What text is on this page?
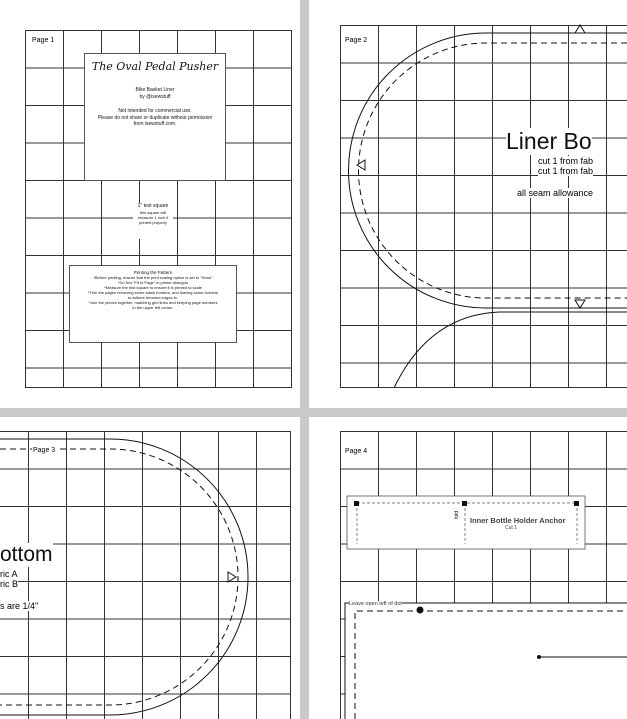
Page 1
The Oval Pedal Pusher
Bike Basket Liner
by @isewstuff
Not intended for commercial use.
Please do not share or duplicate without permission
from isewstuff.com.
1" test square
this square will
measure 1 inch if
printed properly
Printing the Pattern
*Before printing, ensure that the print scaling option is set to "None"
*Do Not "Fit to Page" in printer dialogue
*Measure the test square to ensure it is printed to scale
*Trim the pages removing some blank borders, and leaving some borders
to adhere trimmed edges to.
*Join the pieces together, matching grid lines and keeping page numbers
in the upper left corner.
Page 2
Liner Bo
cut 1 from fab
cut 1 from fab
all seam allowance
Page 3
ottom
ric A
ric B
s are 1/4"
Page 4
fold
Inner Bottle Holder Anchor
Cut 1
Leave open left of dot
